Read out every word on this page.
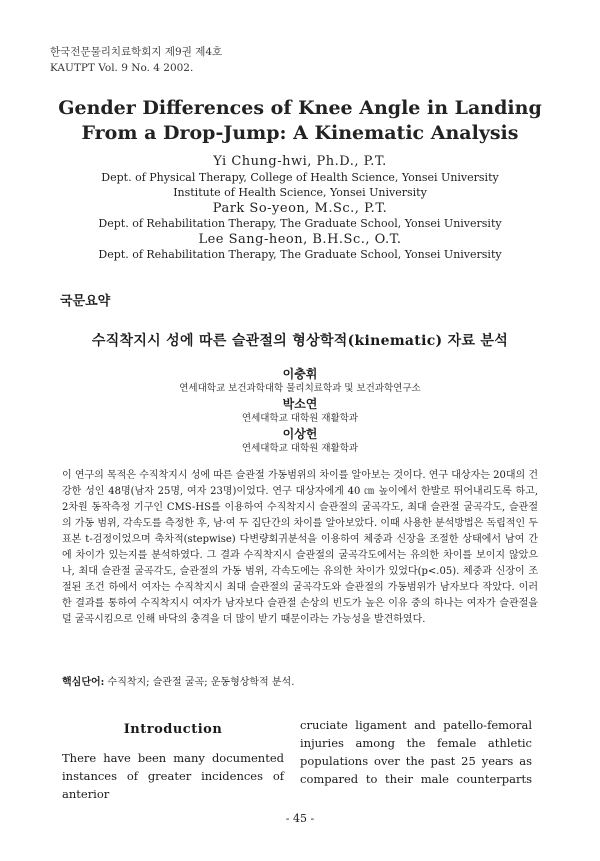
한국전문물리치료학회지 제9권 제4호
KAUTPT Vol. 9 No. 4 2002.
Gender Differences of Knee Angle in Landing
From a Drop-Jump: A Kinematic Analysis
Yi Chung-hwi, Ph.D., P.T.
Dept. of Physical Therapy, College of Health Science, Yonsei University
Institute of Health Science, Yonsei University
Park So-yeon, M.Sc., P.T.
Dept. of Rehabilitation Therapy, The Graduate School, Yonsei University
Lee Sang-heon, B.H.Sc., O.T.
Dept. of Rehabilitation Therapy, The Graduate School, Yonsei University
국문요약
수직착지시 성에 따른 슬관절의 형상학적(kinematic) 자료 분석
이충휘
연세대학교 보건과학대학 물리치료학과 및 보건과학연구소
박소연
연세대학교 대학원 재활학과
이상헌
연세대학교 대학원 재활학과
이 연구의 목적은 수직착지시 성에 따른 슬관절 가동범위의 차이를 알아보는 것이다. 연구 대상자는 20대의 건강한 성인 48명(남자 25명, 여자 23명)이었다. 연구 대상자에게 40 ㎝ 높이에서 한발로 뛰어내리도록 하고, 2차원 동작측정 기구인 CMS-HS를 이용하여 수직착지시 슬관절의 굴곡각도, 최대 슬관절 굴곡각도, 슬관절의 가동 범위, 각속도를 측정한 후, 남·여 두 집단간의 차이를 알아보았다. 이때 사용한 분석방법은 독립적인 두 표본 t-검정이었으며 축차적(stepwise) 다변량회귀분석을 이용하여 체중과 신장을 조절한 상태에서 남여 간에 차이가 있는지를 분석하였다. 그 결과 수직착지시 슬관절의 굴곡각도에서는 유의한 차이를 보이지 않았으나, 최대 슬관절 굴곡각도, 슬관절의 가동 범위, 각속도에는 유의한 차이가 있었다(p<.05). 체중과 신장이 조절된 조건 하에서 여자는 수직착지시 최대 슬관절의 굴곡각도와 슬관절의 가동범위가 남자보다 작았다. 이러한 결과를 통하여 수직착지시 여자가 남자보다 슬관절 손상의 빈도가 높은 이유 중의 하나는 여자가 슬관절을 덜 굴곡시킴으로 인해 바닥의 충격을 더 많이 받기 때문이라는 가능성을 발견하였다.
핵심단어: 수직착지; 슬관절 굴곡; 운동형상학적 분석.
Introduction
There have been many documented instances of greater incidences of anterior
cruciate ligament and patello-femoral
injuries among the female athletic
populations over the past 25 years as
compared to their male counterparts
- 45 -
